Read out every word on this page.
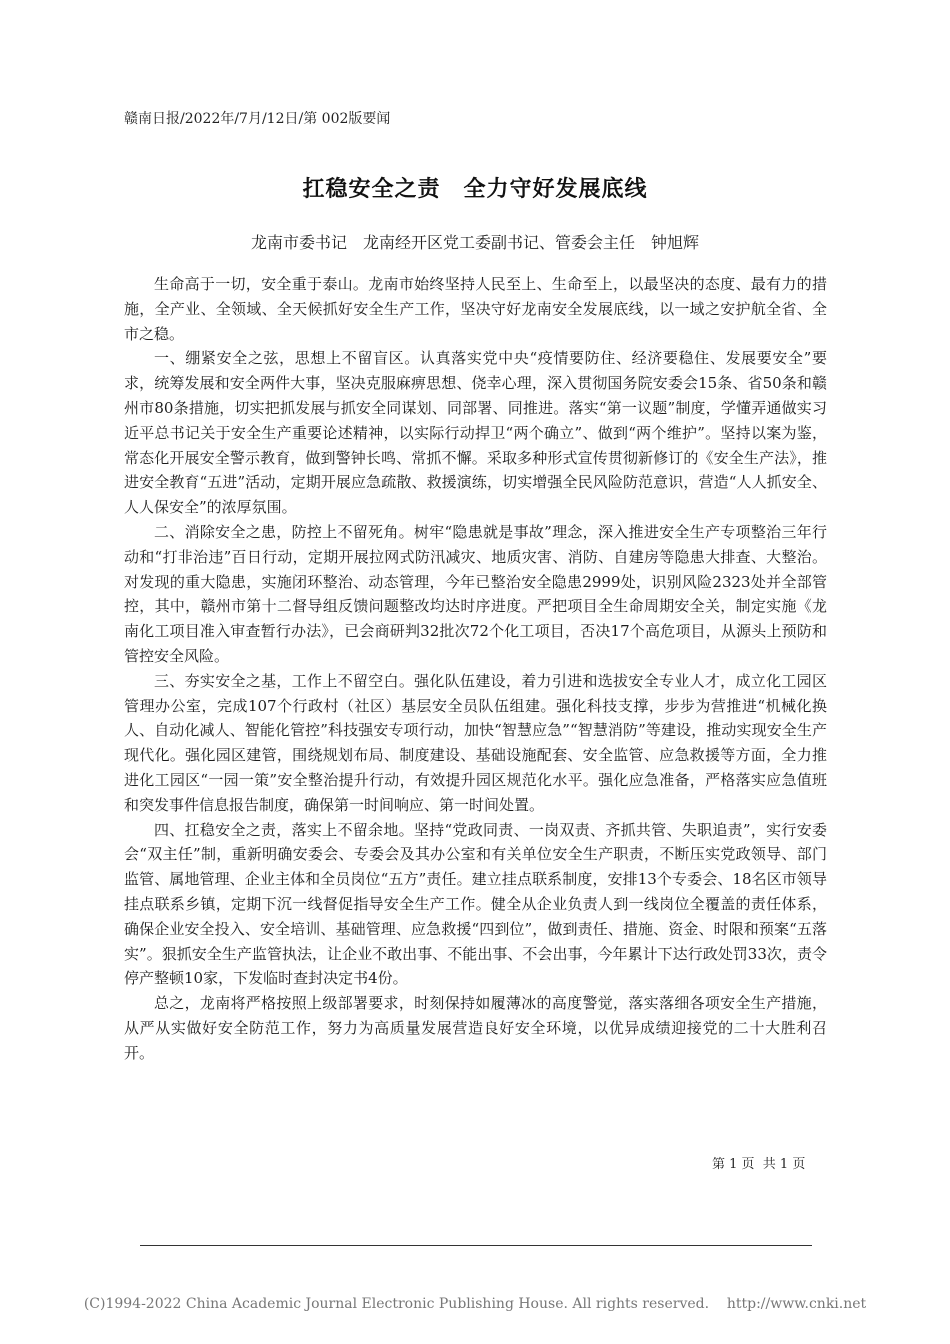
赣南日报/2022年/7月/12日/第 002版要闻
扛稳安全之责　全力守好发展底线
龙南市委书记　龙南经开区党工委副书记、管委会主任　钟旭辉

生命高于一切，安全重于泰山。龙南市始终坚持人民至上、生命至上，以最坚决的态度、最有力的措施，全产业、全领域、全天候抓好安全生产工作，坚决守好龙南安全发展底线，以一域之安护航全省、全市之稳。

一、绷紧安全之弦，思想上不留盲区。认真落实党中央“疫情要防住、经济要稳住、发展要安全”要求，统筹发展和安全两件大事，坚决克服麻痹思想、侥幸心理，深入贯彻国务院安委会15条、省50条和赣州市80条措施，切实把抓发展与抓安全同谋划、同部署、同推进。落实“第一议题”制度，学懂弄通做实习近平总书记关于安全生产重要论述精神，以实际行动捍卫“两个确立”、做到“两个维护”。坚持以案为鉴，常态化开展安全警示教育，做到警钟长鸣、常抓不懈。采取多种形式宣传贯彻新修订的《安全生产法》，推进安全教育“五进”活动，定期开展应急疏散、救援演练，切实增强全民风险防范意识，营造“人人抓安全、人人保安全”的浓厚氛围。

二、消除安全之患，防控上不留死角。树牢“隐患就是事故”理念，深入推进安全生产专项整治三年行动和“打非治违”百日行动，定期开展拉网式防汛减灾、地质灾害、消防、自建房等隐患大排查、大整治。对发现的重大隐患，实施闭环整治、动态管理，今年已整治安全隐患2999处，识别风险2323处并全部管控，其中，赣州市第十二督导组反馈问题整改均达时序进度。严把项目全生命周期安全关，制定实施《龙南化工项目准入审查暂行办法》，已会商研判32批次72个化工项目，否决17个高危项目，从源头上预防和管控安全风险。

三、夯实安全之基，工作上不留空白。强化队伍建设，着力引进和选拔安全专业人才，成立化工园区管理办公室，完成107个行政村（社区）基层安全员队伍组建。强化科技支撑，步步为营推进“机械化换人、自动化减人、智能化管控”科技强安专项行动，加快“智慧应急”“智慧消防”等建设，推动实现安全生产现代化。强化园区建管，围绕规划布局、制度建设、基础设施配套、安全监管、应急救援等方面，全力推进化工园区“一园一策”安全整治提升行动，有效提升园区规范化水平。强化应急准备，严格落实应急值班和突发事件信息报告制度，确保第一时间响应、第一时间处置。

四、扛稳安全之责，落实上不留余地。坚持“党政同责、一岗双责、齐抓共管、失职追责”，实行安委会“双主任”制，重新明确安委会、专委会及其办公室和有关单位安全生产职责，不断压实党政领导、部门监管、属地管理、企业主体和全员岗位“五方”责任。建立挂点联系制度，安排13个专委会、18名区市领导挂点联系乡镇，定期下沉一线督促指导安全生产工作。健全从企业负责人到一线岗位全覆盖的责任体系，确保企业安全投入、安全培训、基础管理、应急救援“四到位”，做到责任、措施、资金、时限和预案“五落实”。狠抓安全生产监管执法，让企业不敢出事、不能出事、不会出事，今年累计下达行政处罚33次，责令停产整顿10家，下发临时查封决定书4份。

总之，龙南将严格按照上级部署要求，时刻保持如履薄冰的高度警觉，落实落细各项安全生产措施，从严从实做好安全防范工作，努力为高质量发展营造良好安全环境，以优异成绩迎接党的二十大胜利召开。

第 1 页  共 1 页
(C)1994-2022 China Academic Journal Electronic Publishing House. All rights reserved.    http://www.cnki.net
